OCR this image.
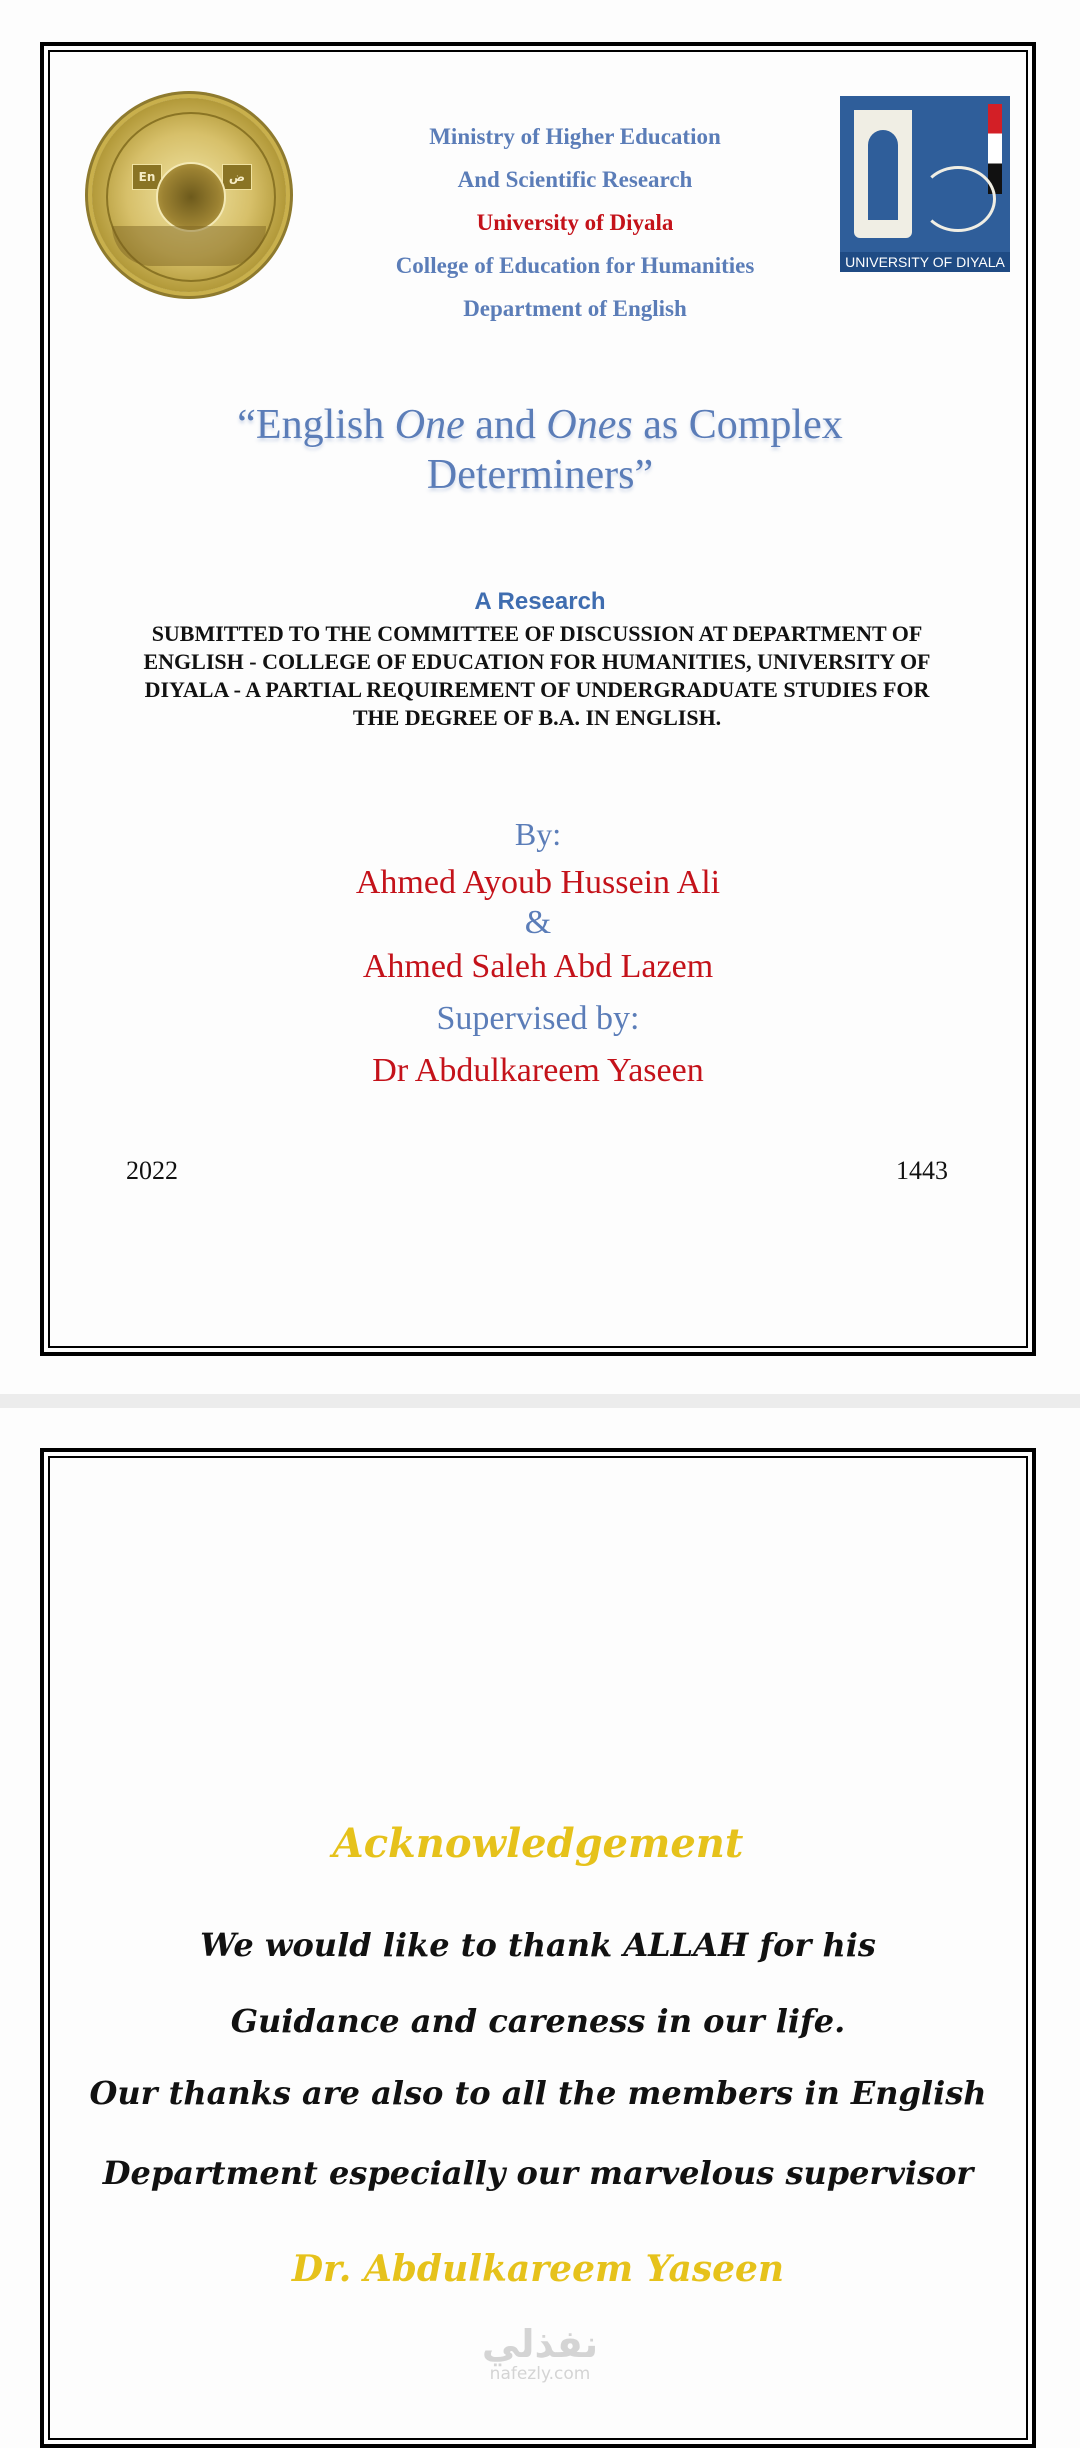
En	ض
Ministry of Higher Education
And Scientific Research
University of Diyala
College of Education for Humanities
Department of English
UNIVERSITY OF DIYALA
“English One and Ones as Complex
Determiners”
A Research
SUBMITTED TO THE COMMITTEE OF DISCUSSION AT DEPARTMENT OF ENGLISH - COLLEGE OF EDUCATION FOR HUMANITIES, UNIVERSITY OF DIYALA - A PARTIAL REQUIREMENT OF UNDERGRADUATE STUDIES FOR THE DEGREE OF B.A. IN ENGLISH.
By:
Ahmed Ayoub Hussein Ali
&
Ahmed Saleh Abd Lazem
Supervised by:
Dr Abdulkareem Yaseen
2022	1443
Acknowledgement
We would like to thank ALLAH for his
Guidance and careness in our life.
Our thanks are also to all the members in English
Department especially our marvelous supervisor
Dr. Abdulkareem Yaseen
نفذلي
nafezly.com
